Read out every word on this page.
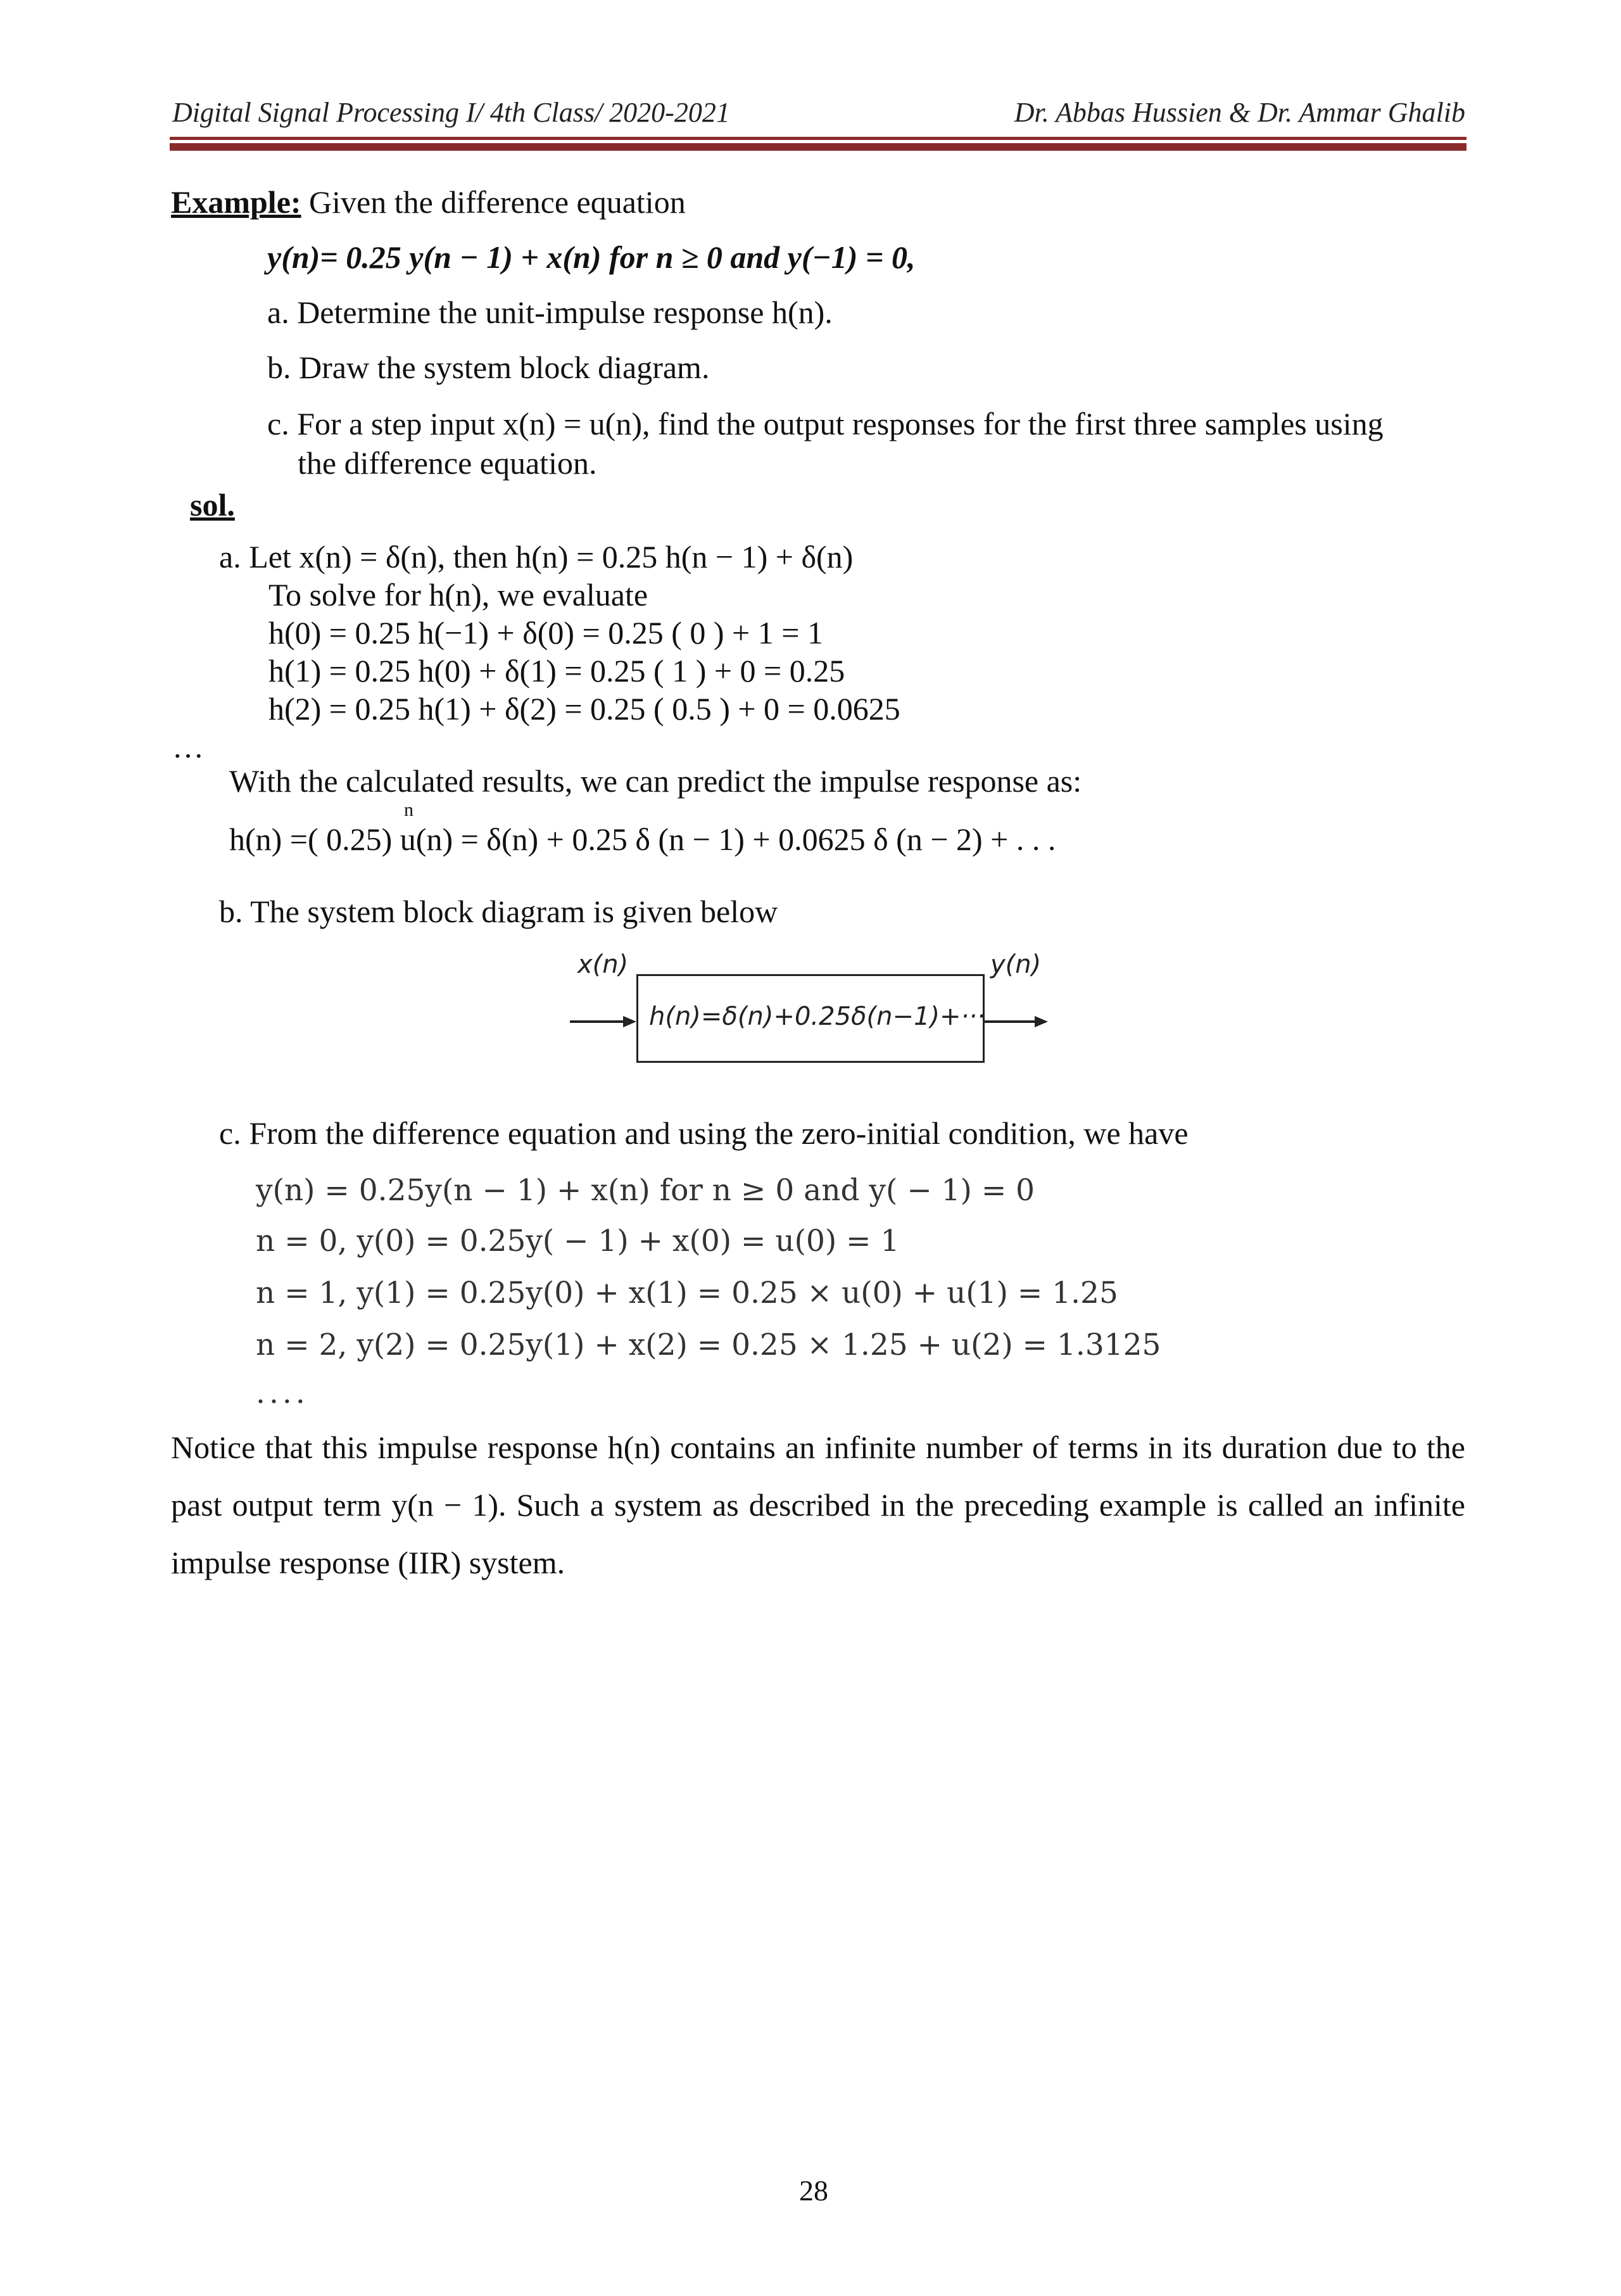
Digital Signal Processing I/ 4th Class/ 2020-2021	Dr. Abbas Hussien & Dr. Ammar Ghalib
Example: Given the difference equation
y(n)= 0.25 y(n − 1) + x(n) for n ≥ 0 and y(−1) = 0,
a. Determine the unit-impulse response h(n).
b. Draw the system block diagram.
c. For a step input x(n) = u(n), find the output responses for the first three samples using
the difference equation.
sol.
a. Let x(n) = δ(n), then h(n) = 0.25 h(n − 1) + δ(n)
To solve for h(n), we evaluate
h(0) = 0.25 h(−1) + δ(0) = 0.25 ( 0 ) + 1 = 1
h(1) = 0.25 h(0) + δ(1) = 0.25 ( 1 ) + 0 = 0.25
h(2) = 0.25 h(1) + δ(2) = 0.25 ( 0.5 ) + 0 = 0.0625
…
With the calculated results, we can predict the impulse response as:
n
h(n) =( 0.25) u(n) = δ(n) + 0.25 δ (n − 1) + 0.0625 δ (n − 2) + . . .
b. The system block diagram is given below
x(n)	y(n)
h(n)=δ(n)+0.25δ(n−1)+···
c. From the difference equation and using the zero-initial condition, we have
y(n) = 0.25y(n − 1) + x(n) for n ≥ 0 and y( − 1) = 0
n = 0, y(0) = 0.25y( − 1) + x(0) = u(0) = 1
n = 1, y(1) = 0.25y(0) + x(1) = 0.25 × u(0) + u(1) = 1.25
n = 2, y(2) = 0.25y(1) + x(2) = 0.25 × 1.25 + u(2) = 1.3125
....
Notice that this impulse response h(n) contains an infinite number of terms in its duration due to the past output term y(n − 1). Such a system as described in the preceding example is called an infinite impulse response (IIR) system.
28
